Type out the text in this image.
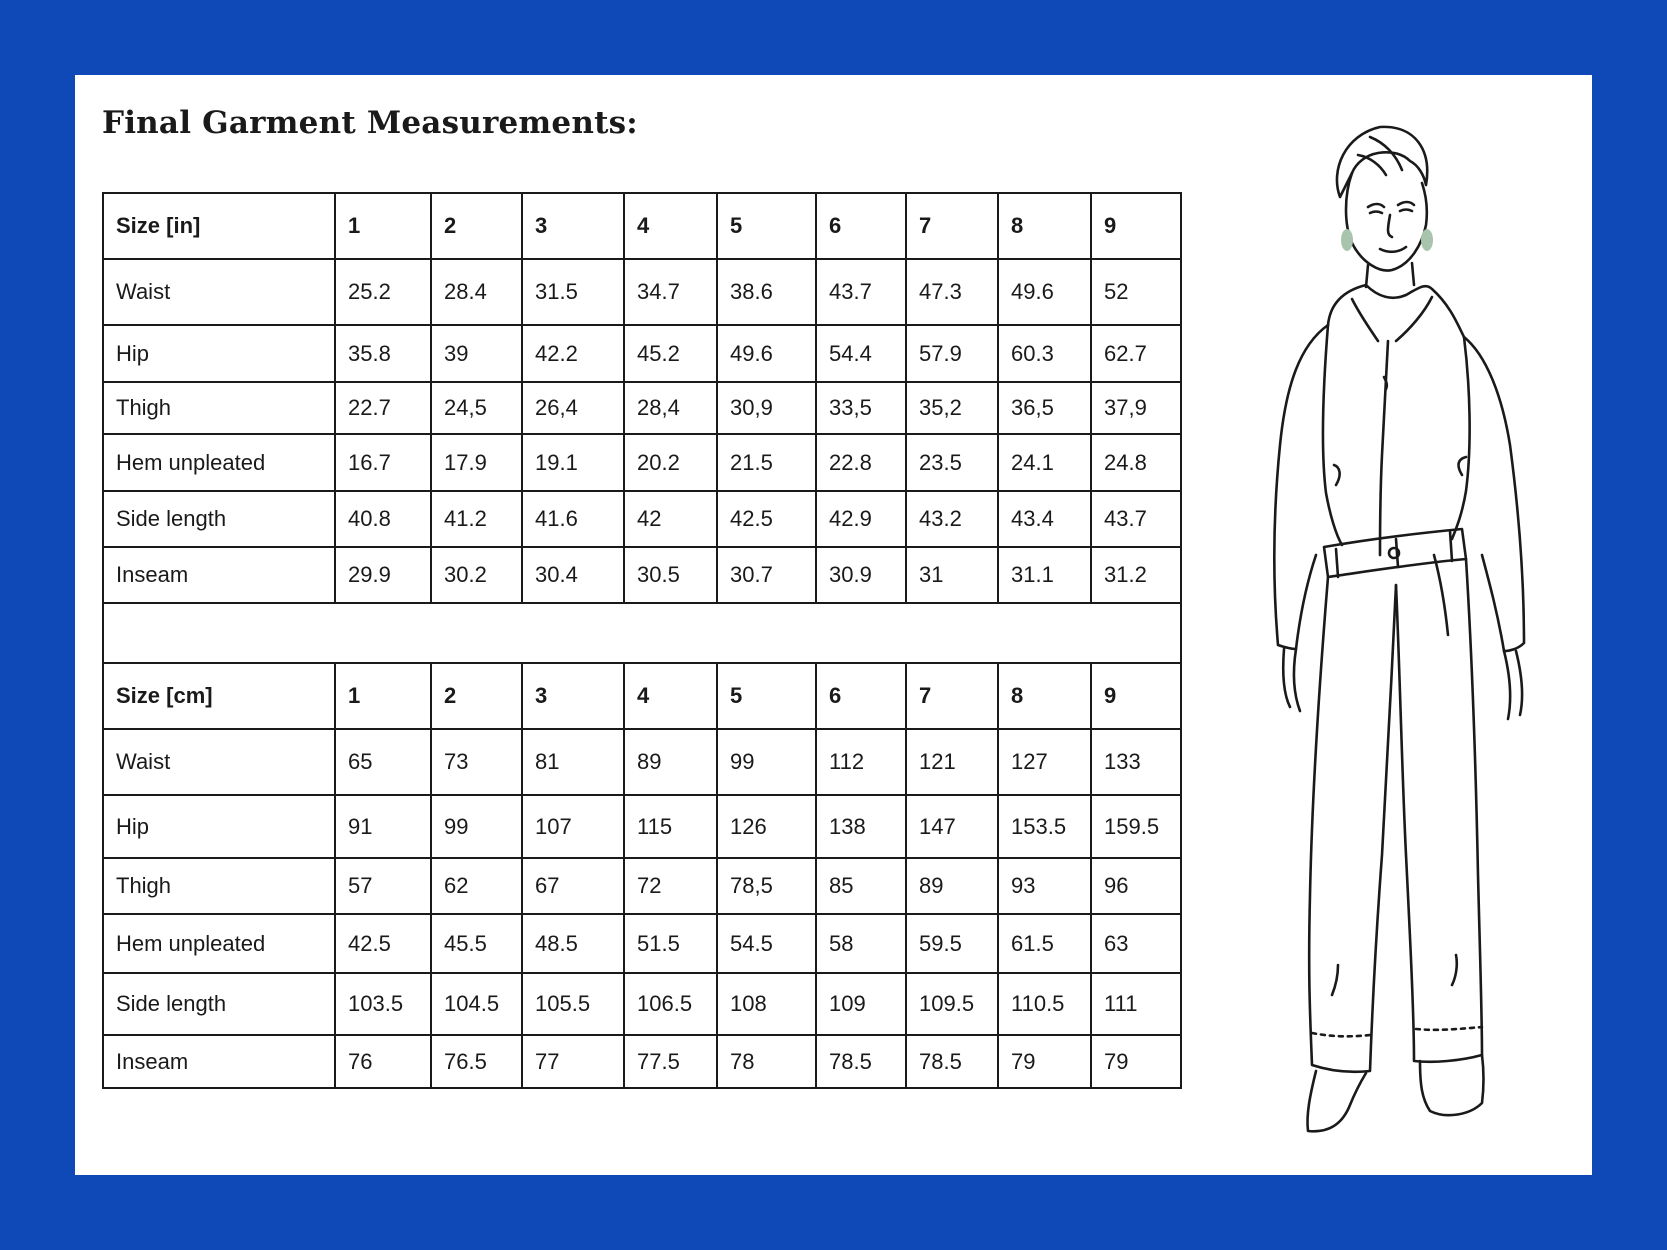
Final Garment Measurements:
Size [in]	1	2	3	4	5	6	7	8	9
Waist	25.2	28.4	31.5	34.7	38.6	43.7	47.3	49.6	52
Hip	35.8	39	42.2	45.2	49.6	54.4	57.9	60.3	62.7
Thigh	22.7	24,5	26,4	28,4	30,9	33,5	35,2	36,5	37,9
Hem unpleated	16.7	17.9	19.1	20.2	21.5	22.8	23.5	24.1	24.8
Side length	40.8	41.2	41.6	42	42.5	42.9	43.2	43.4	43.7
Inseam	29.9	30.2	30.4	30.5	30.7	30.9	31	31.1	31.2

Size [cm]	1	2	3	4	5	6	7	8	9
Waist	65	73	81	89	99	112	121	127	133
Hip	91	99	107	115	126	138	147	153.5	159.5
Thigh	57	62	67	72	78,5	85	89	93	96
Hem unpleated	42.5	45.5	48.5	51.5	54.5	58	59.5	61.5	63
Side length	103.5	104.5	105.5	106.5	108	109	109.5	110.5	111
Inseam	76	76.5	77	77.5	78	78.5	78.5	79	79
